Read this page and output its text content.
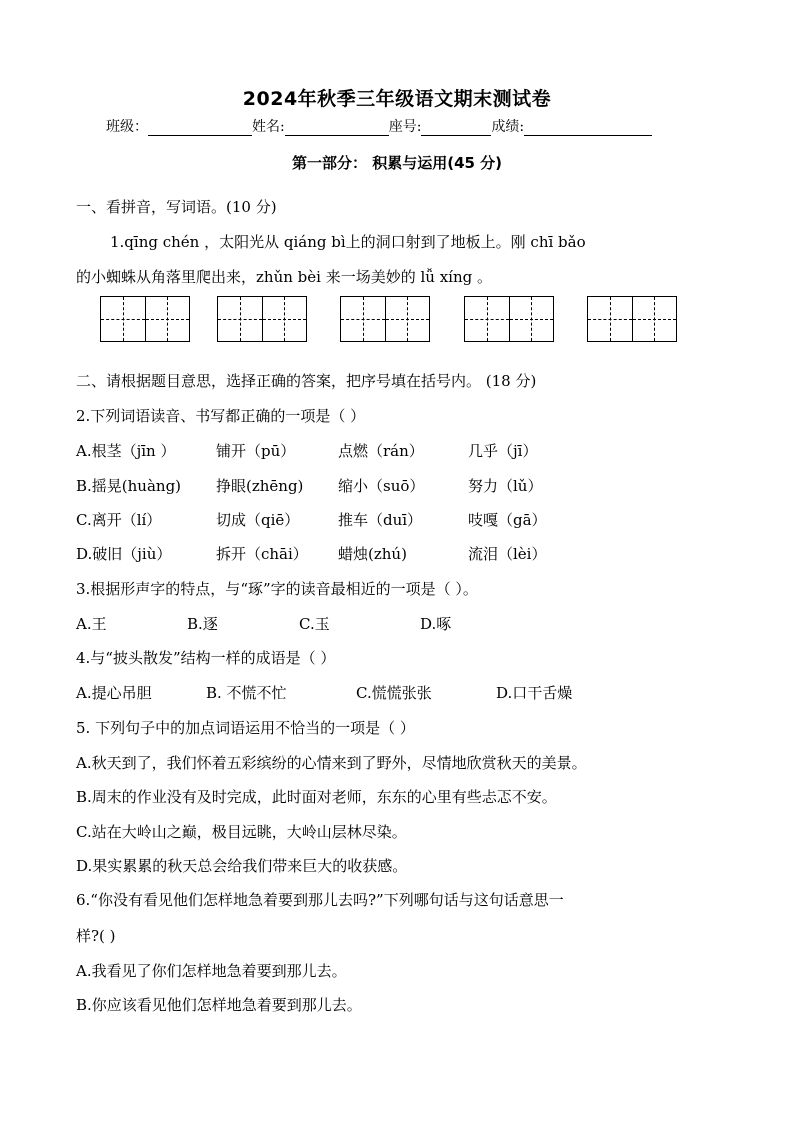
2024年秋季三年级语文期末测试卷
班级：	姓名:	座号:	成绩:
第一部分： 积累与运用(45 分)
一、看拼音，写词语。(10 分)
1.qīng chén ，太阳光从 qiáng bì上的洞口射到了地板上。刚 chī bǎo
的小蜘蛛从角落里爬出来，zhǔn bèi 来一场美妙的 lǚ xíng 。
二、请根据题目意思，选择正确的答案，把序号填在括号内。 (18 分)
2.下列词语读音、书写都正确的一项是（ ）
A.根茎（jīn ）	铺开（pū）	点燃（rán）	几乎（jī）
B.摇晃(huàng) 挣眼(zhēng) 缩小（suō）	努力（lǔ）
C.离开（lí）	切成（qiē）	推车（duī）	吱嘎（gā）
D.破旧（jiù）	拆开（chāi） 蜡烛(zhú)	流泪（lèi）
3.根据形声字的特点，与“琢”字的读音最相近的一项是（ ）。
A.王	B.逐	C.玉	D.啄
4.与“披头散发”结构一样的成语是（ ）
A.提心吊胆	B. 不慌不忙	C.慌慌张张	D.口干舌燥
5. 下列句子中的加点词语运用不恰当的一项是（ ）
A.秋天到了，我们怀着五彩缤纷的心情来到了野外，尽情地欣赏秋天的美景。
B.周末的作业没有及时完成，此时面对老师，东东的心里有些忐忑不安。
C.站在大岭山之巅，极目远眺，大岭山层林尽染。
D.果实累累的秋天总会给我们带来巨大的收获感。
6.“你没有看见他们怎样地急着要到那儿去吗?”下列哪句话与这句话意思一
样?( )
A.我看见了你们怎样地急着要到那儿去。
B.你应该看见他们怎样地急着要到那儿去。
